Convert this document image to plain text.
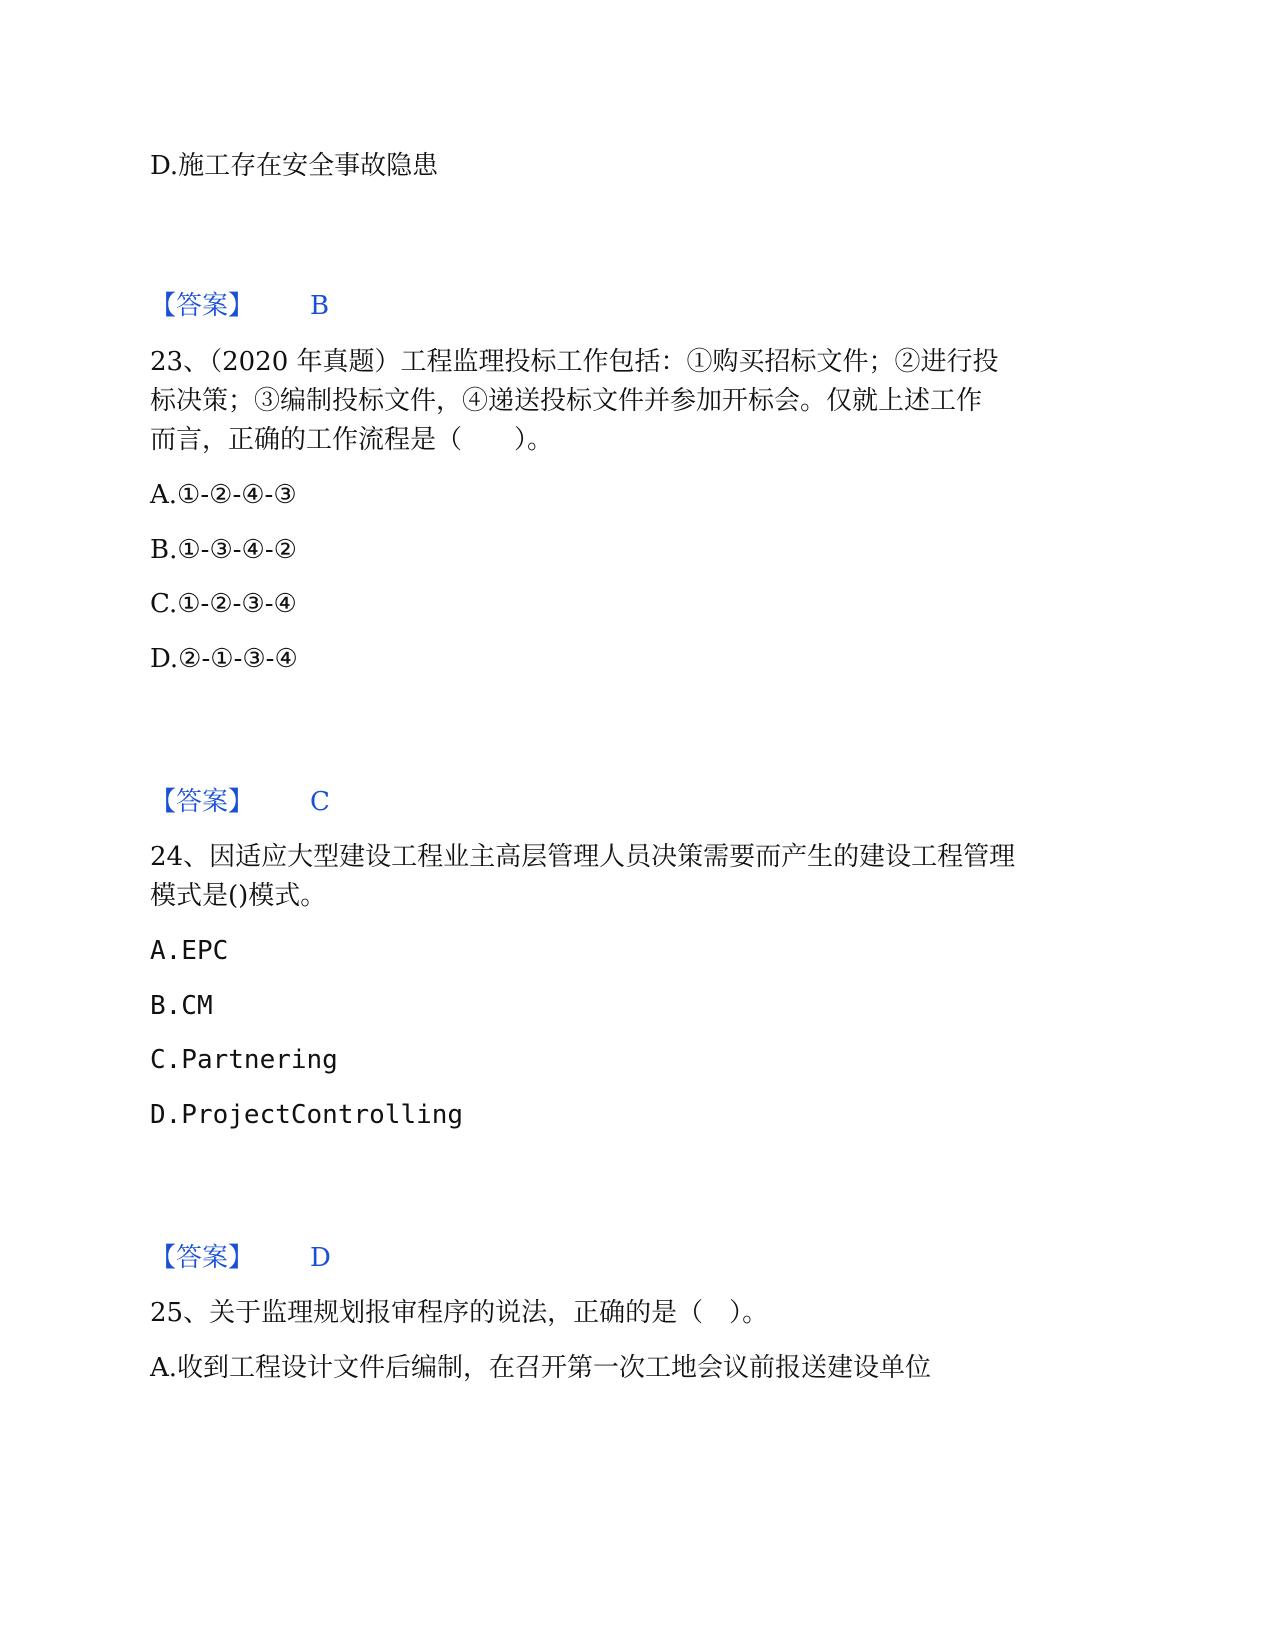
D.施工存在安全事故隐患
【答案】 B
23、（2020 年真题）工程监理投标工作包括：①购买招标文件；②进行投
标决策；③编制投标文件，④递送投标文件并参加开标会。仅就上述工作
而言，正确的工作流程是（　　）。
A.①-②-④-③
B.①-③-④-②
C.①-②-③-④
D.②-①-③-④
【答案】 C
24、因适应大型建设工程业主高层管理人员决策需要而产生的建设工程管理
模式是()模式。
A.EPC
B.CM
C.Partnering
D.ProjectControlling
【答案】 D
25、关于监理规划报审程序的说法，正确的是（　）。
A.收到工程设计文件后编制，在召开第一次工地会议前报送建设单位
